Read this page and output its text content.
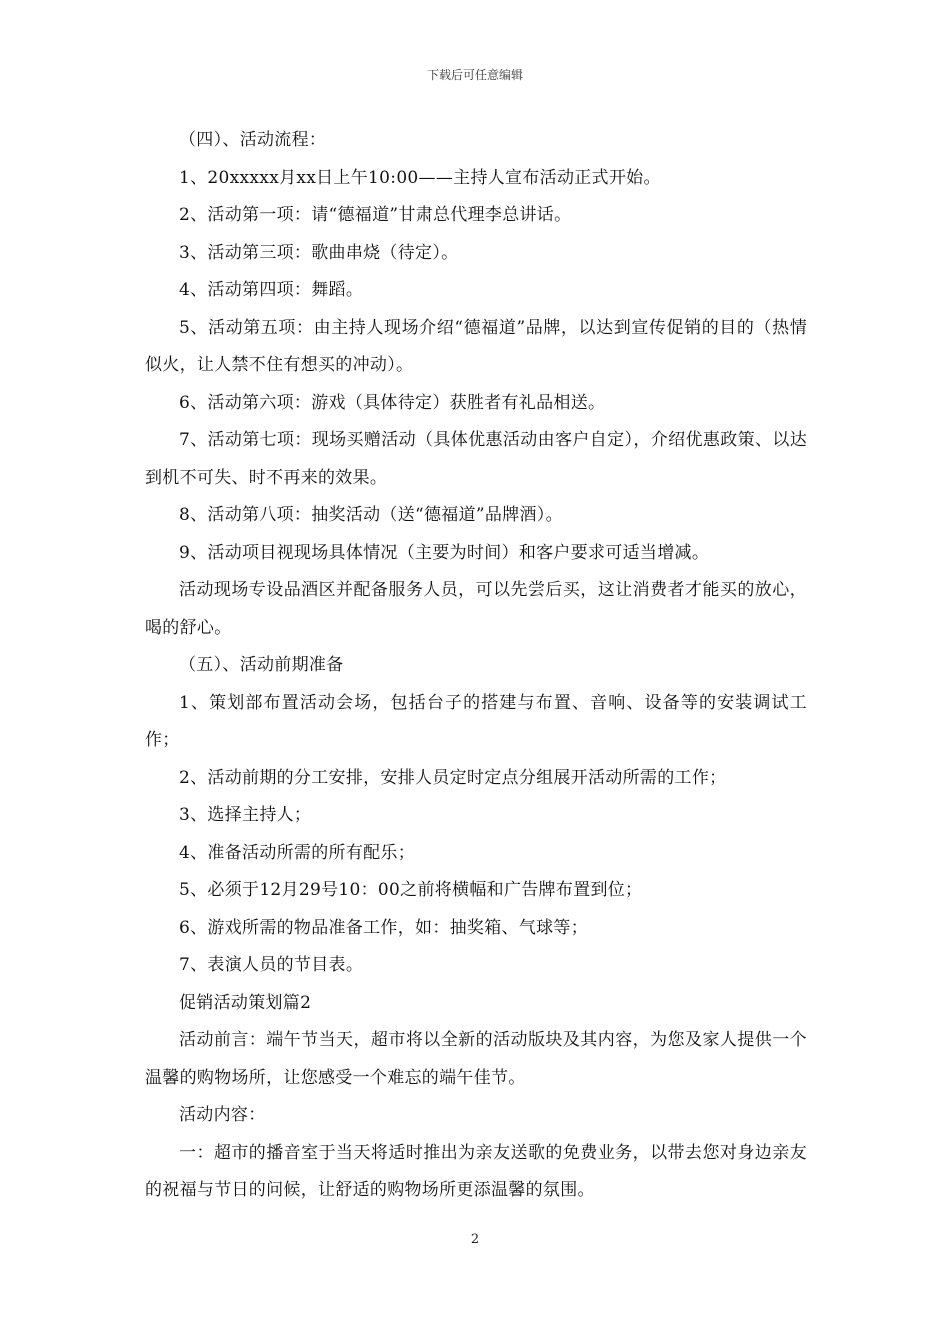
下载后可任意编辑

（四）、活动流程：

1、20xxxxx月xx日上午10:00——主持人宣布活动正式开始。

2、活动第一项：请“德福道”甘肃总代理李总讲话。

3、活动第三项：歌曲串烧（待定）。

4、活动第四项：舞蹈。

5、活动第五项：由主持人现场介绍“德福道”品牌，以达到宣传促销的目的（热情似火，让人禁不住有想买的冲动）。

6、活动第六项：游戏（具体待定）获胜者有礼品相送。

7、活动第七项：现场买赠活动（具体优惠活动由客户自定），介绍优惠政策、以达到机不可失、时不再来的效果。

8、活动第八项：抽奖活动（送“德福道”品牌酒）。

9、活动项目视现场具体情况（主要为时间）和客户要求可适当增减。

活动现场专设品酒区并配备服务人员，可以先尝后买，这让消费者才能买的放心，喝的舒心。

（五）、活动前期准备

1、策划部布置活动会场，包括台子的搭建与布置、音响、设备等的安装调试工作；

2、活动前期的分工安排，安排人员定时定点分组展开活动所需的工作；

3、选择主持人；

4、准备活动所需的所有配乐；

5、必须于12月29号10：00之前将横幅和广告牌布置到位；

6、游戏所需的物品准备工作，如：抽奖箱、气球等；

7、表演人员的节目表。

促销活动策划篇2

活动前言：端午节当天，超市将以全新的活动版块及其内容，为您及家人提供一个温馨的购物场所，让您感受一个难忘的端午佳节。

活动内容：

一：超市的播音室于当天将适时推出为亲友送歌的免费业务，以带去您对身边亲友的祝福与节日的问候，让舒适的购物场所更添温馨的氛围。

2
